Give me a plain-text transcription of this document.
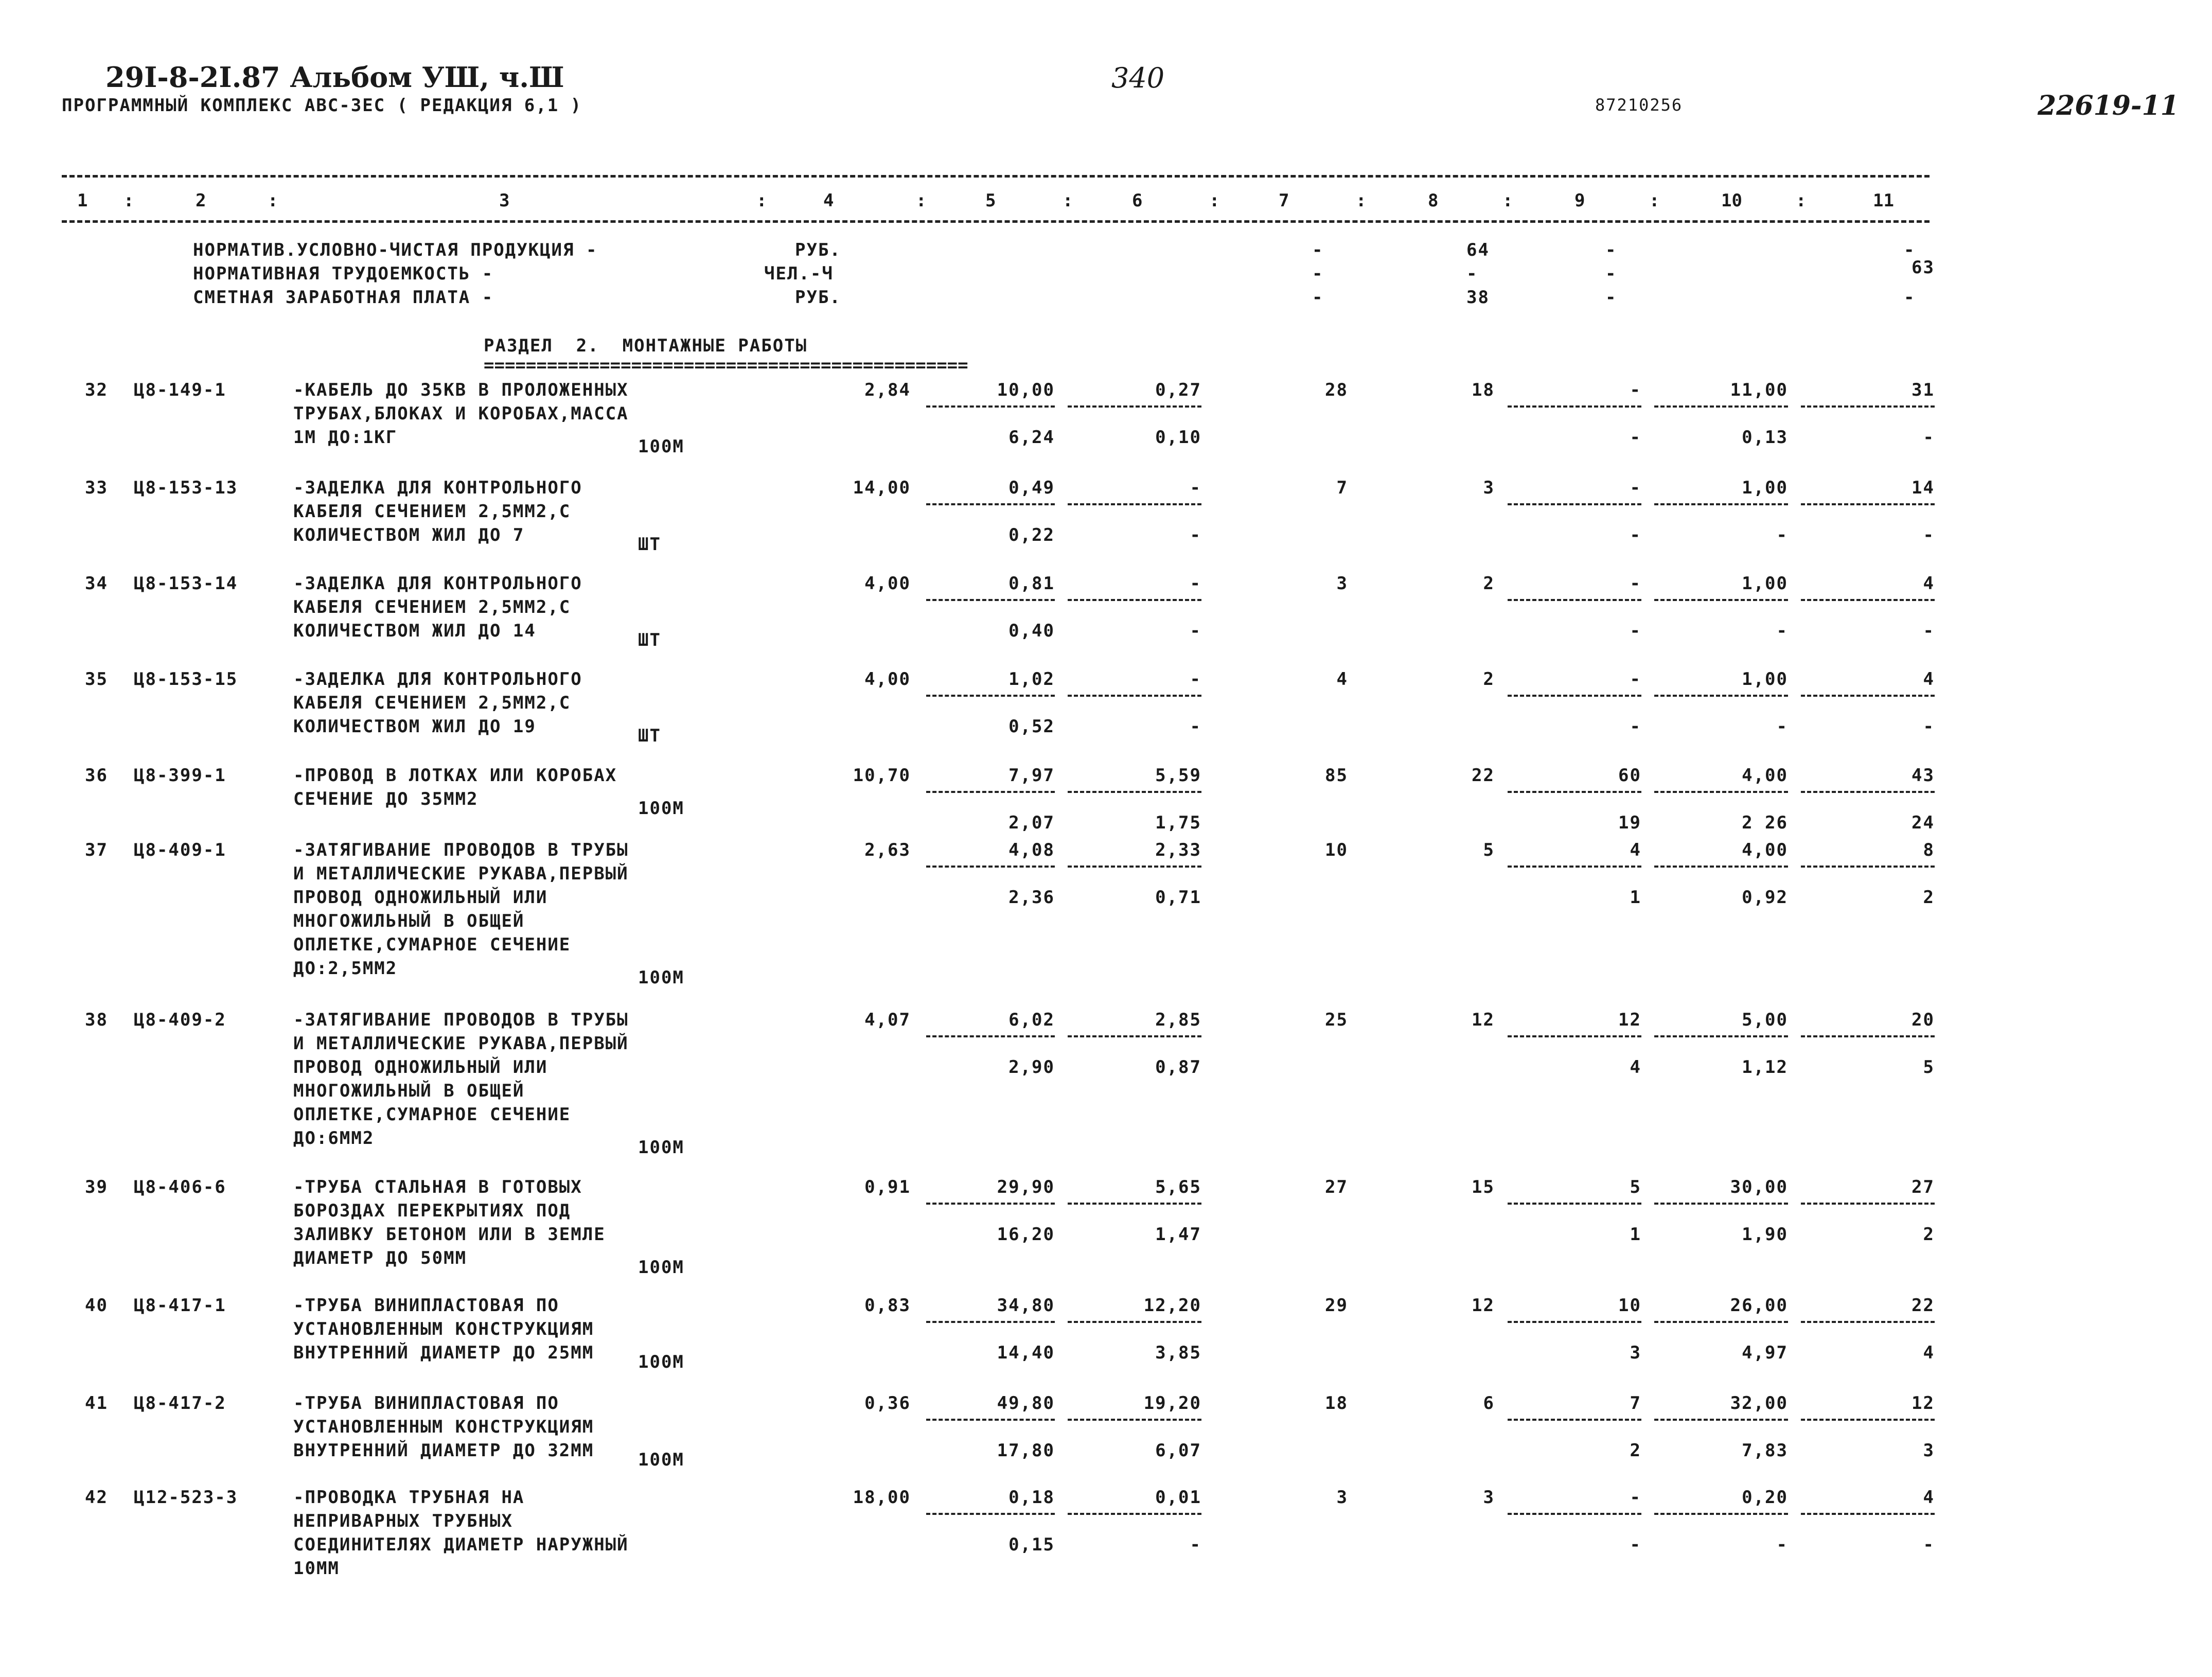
29I-8-2I.87 Альбом УШ, ч.Ш
ПРОГРАММНЫЙ КОМПЛЕКС АВС-3ЕС ( РЕДАКЦИЯ 6,1 )
340
87210256	22619-11
1	2	3	4	5	6	7	8	9	10	11
:	:	:	:	:	:	:	:	:	:
НОРМАТИВ.УСЛОВНО-ЧИСТАЯ ПРОДУКЦИЯ -	РУБ.	-	64	-	-
НОРМАТИВНАЯ ТРУДОЕМКОСТЬ -	ЧЕЛ.-Ч	-	-	-	63
СМЕТНАЯ ЗАРАБОТНАЯ ПЛАТА -	РУБ.	-	38	-	-
РАЗДЕЛ  2.  МОНТАЖНЫЕ РАБОТЫ
==============================================
32 Ц8-149-1	-КАБЕЛЬ ДО 35КВ В ПРОЛОЖЕННЫХ
ТРУБАХ,БЛОКАХ И КОРОБАХ,МАССА
1М ДО:1КГ	100М
2,84	10,00	0,27	28	18	-	11,00	31
6,24	0,10	-	0,13	-
33 Ц8-153-13	-ЗАДЕЛКА ДЛЯ КОНТРОЛЬНОГО
КАБЕЛЯ СЕЧЕНИЕМ 2,5ММ2,С
КОЛИЧЕСТВОМ ЖИЛ ДО 7	ШТ
14,00	0,49	-	7	3	-	1,00	14
0,22	-	-	-	-
34 Ц8-153-14	-ЗАДЕЛКА ДЛЯ КОНТРОЛЬНОГО
КАБЕЛЯ СЕЧЕНИЕМ 2,5ММ2,С
КОЛИЧЕСТВОМ ЖИЛ ДО 14	ШТ
4,00	0,81	-	3	2	-	1,00	4
0,40	-	-	-	-
35 Ц8-153-15	-ЗАДЕЛКА ДЛЯ КОНТРОЛЬНОГО
КАБЕЛЯ СЕЧЕНИЕМ 2,5ММ2,С
КОЛИЧЕСТВОМ ЖИЛ ДО 19	ШТ
4,00	1,02	-	4	2	-	1,00	4
0,52	-	-	-	-
36 Ц8-399-1	-ПРОВОД В ЛОТКАХ ИЛИ КОРОБАХ
СЕЧЕНИЕ ДО 35ММ2	100М
10,70	7,97	5,59	85	22	60	4,00	43
2,07	1,75	19	2 26	24
37 Ц8-409-1	-ЗАТЯГИВАНИЕ ПРОВОДОВ В ТРУБЫ
И МЕТАЛЛИЧЕСКИЕ РУКАВА,ПЕРВЫЙ
ПРОВОД ОДНОЖИЛЬНЫЙ ИЛИ
МНОГОЖИЛЬНЫЙ В ОБЩЕЙ
ОПЛЕТКЕ,СУМАРНОЕ СЕЧЕНИЕ
ДО:2,5ММ2	100М
2,63	4,08	2,33	10	5	4	4,00	8
2,36	0,71	1	0,92	2
38 Ц8-409-2	-ЗАТЯГИВАНИЕ ПРОВОДОВ В ТРУБЫ
И МЕТАЛЛИЧЕСКИЕ РУКАВА,ПЕРВЫЙ
ПРОВОД ОДНОЖИЛЬНЫЙ ИЛИ
МНОГОЖИЛЬНЫЙ В ОБЩЕЙ
ОПЛЕТКЕ,СУМАРНОЕ СЕЧЕНИЕ
ДО:6ММ2	100М
4,07	6,02	2,85	25	12	12	5,00	20
2,90	0,87	4	1,12	5
39 Ц8-406-6	-ТРУБА СТАЛЬНАЯ В ГОТОВЫХ
БОРОЗДАХ ПЕРЕКРЫТИЯХ ПОД
ЗАЛИВКУ БЕТОНОМ ИЛИ В ЗЕМЛЕ
ДИАМЕТР ДО 50ММ	100М
0,91	29,90	5,65	27	15	5	30,00	27
16,20	1,47	1	1,90	2
40 Ц8-417-1	-ТРУБА ВИНИПЛАСТОВАЯ ПО
УСТАНОВЛЕННЫМ КОНСТРУКЦИЯМ
ВНУТРЕННИЙ ДИАМЕТР ДО 25ММ	100М
0,83	34,80	12,20	29	12	10	26,00	22
14,40	3,85	3	4,97	4
41 Ц8-417-2	-ТРУБА ВИНИПЛАСТОВАЯ ПО
УСТАНОВЛЕННЫМ КОНСТРУКЦИЯМ
ВНУТРЕННИЙ ДИАМЕТР ДО 32ММ	100М
0,36	49,80	19,20	18	6	7	32,00	12
17,80	6,07	2	7,83	3
42 Ц12-523-3	-ПРОВОДКА ТРУБНАЯ НА
НЕПРИВАРНЫХ ТРУБНЫХ
СОЕДИНИТЕЛЯХ ДИАМЕТР НАРУЖНЫЙ
10ММ
18,00	0,18	0,01	3	3	-	0,20	4
0,15	-	-	-	-
